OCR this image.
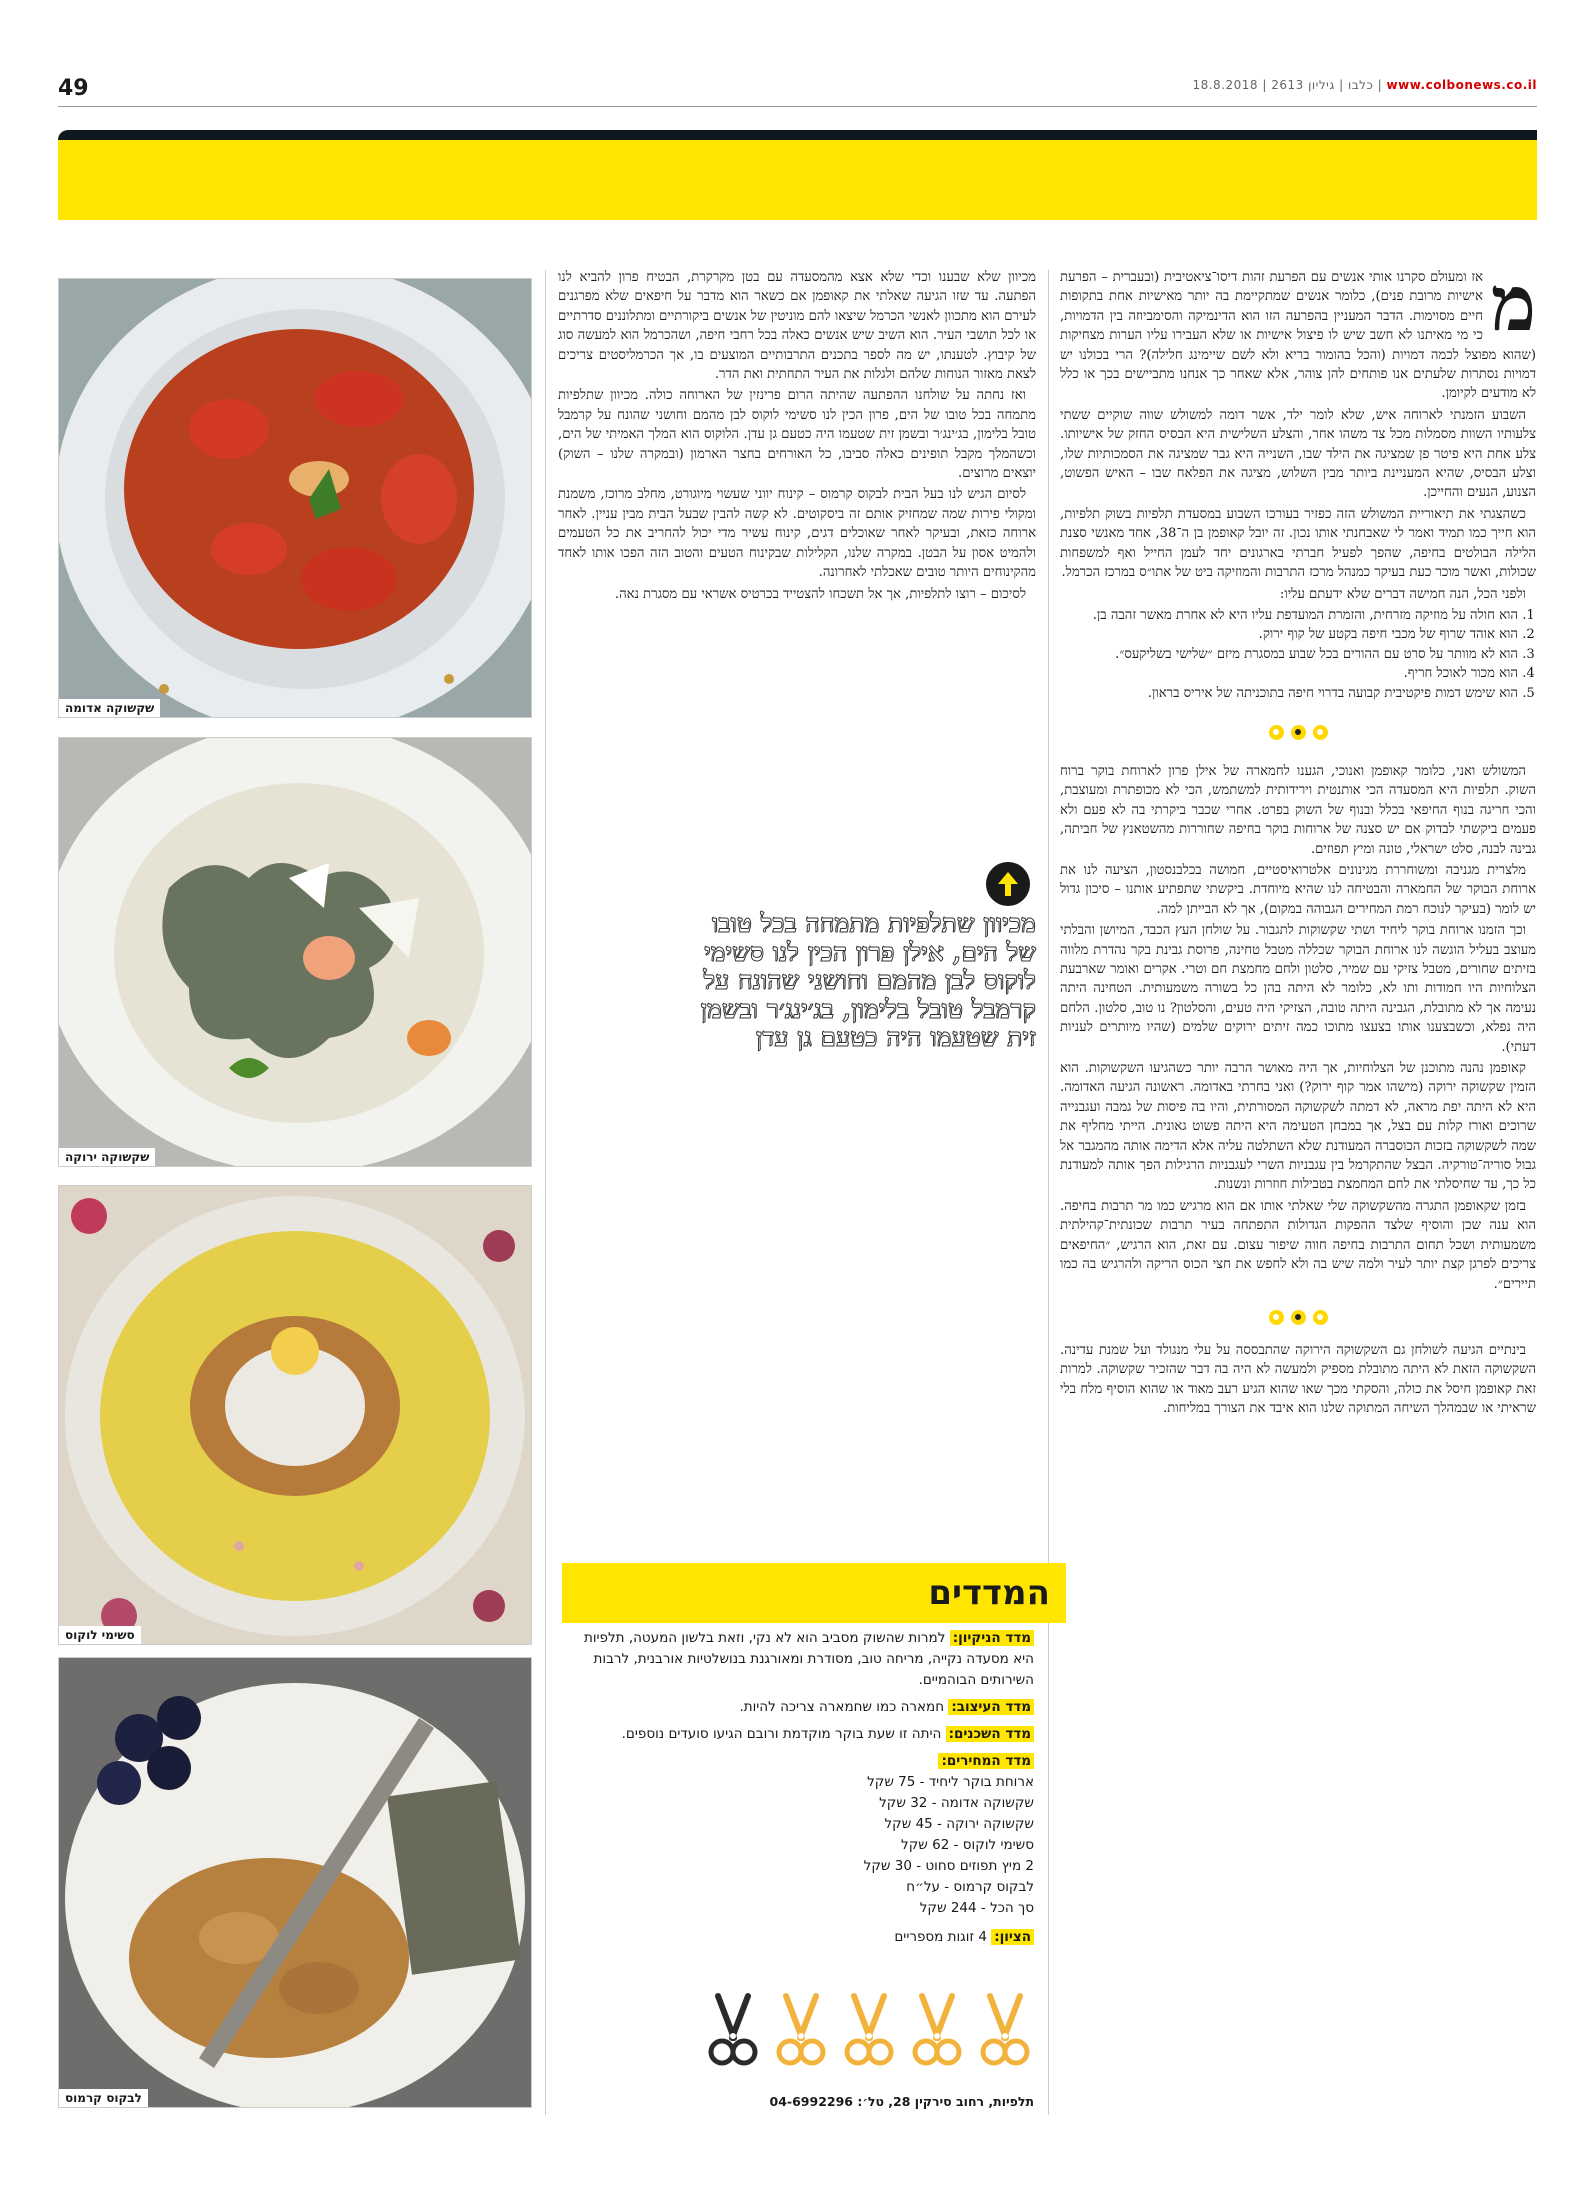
49	www.colbonews.co.il | כלבו | גיליון 2613 | 18.8.2018
שקשוקה אדומה
שקשוקה ירוקה
סשימי לוקוס
לבקוס קרמוס
מ

אז ומעולם סקרנו אותי אנשים עם הפרעת זהות דיסו־ציאטיבית (ובעברית – הפרעת אישיות מרובת פנים), כלומר אנשים שמתקיימת בה יותר מאישיות אחת בתקופות חיים מסוימות. הדבר המעניין בהפרעה הזו הוא הדינמיקה והסימביוזה בין הדמויות, כי מי מאיתנו לא חשב שיש לו פיצול אישיות או שלא העבירו עליו הערות מצחיקות (שהוא מפוצל לכמה דמויות (והכל בהומור בריא ולא לשם שיימינג חלילה)? הרי בכולנו יש דמויות נסתרות שלעתים אנו פותחים להן צוהר, אלא שאחר כך אנחנו מתביישים בכך או כלל לא מודעים לקיומן.

השבוע הזמנתי לארוחה איש, שלא לומר ילד, אשר דומה למשולש שווה שוקיים ששתי צלעותיו השוות מסמלות מכל צד משהו אחר, והצלע השלישית היא הבסיס החזק של אישיותו. צלע אחת היא פיטר פן שמציגה את הילד שבו, השנייה היא גבר שמציגה את הסמכותיות שלו, וצלע הבסיס, שהיא המעניינת ביותר מבין השלוש, מציגה את הפלאח שבו – האיש הפשוט, הצנוע, הנעים והחייכן.

כשהצגתי את תיאוריית המשולש הזה כפזיר בעורכו השבוע במסעדת תלפיות בשוק תלפיות, הוא חייך כמו תמיד ואמר לי שאבחנתי אותו נכון. זה יובל קאופמן בן ה־38, אחד מאנשי סצנת הלילה הבולטים בחיפה, שהפך לפעיל חברתי בארגונים יחד לעמן החייל ואף למשפחות שכולות, ואשר מוכר כעת בעיקר כמנהל מרכז התרבות והמוזיקה ביט של אתו״ס במרכז הכרמל.

ולפני הכל, הנה חמישה דברים שלא ידעתם עליו:

1. הוא חולה על מוזיקה מזרחית, והזמרת המועדפת עליו היא לא אחרת מאשר זהבה בן.
2. הוא אוהד שרוף של מכבי חיפה בקטע של קוף ירוק.
3. הוא לא מוותר על סרט עם ההורים בכל שבוע במסגרת מיזם ״שלישי בשליקעס״.
4. הוא מכור לאוכל חריף.
5. הוא שימש דמות פיקטיבית קבועה בדרוי חיפה בתוכניתה של איריס בראון.

המשולש ואני, כלומר קאופמן ואנוכי, הגענו לחמארה של אילן פרון לארוחת בוקר ברוח השוק. תלפיות היא המסעדה הכי אותנטית וירידותית למשתמש, הכי לא מכופתרת ומעוצבת, והכי חריגה בנוף החיפאי בכלל ובנוף של השוק בפרט. אחרי שכבר ביקרתי בה לא פעם ולא פעמים ביקשתי לבדוק אם יש סצנה של ארוחות בוקר בחיפה שחוררות מהשטאנץ של חביתה, גבינה לבנה, סלט ישראלי, טונה ומיץ תפוזים.

מלצרית מגניבה ומשוחררת מגינונים אלטרואיסטיים, חמושה בכלבנסטון, הציעה לנו את ארוחת הבוקר של החמארה והבטיחה לנו שהיא מיוחדת. ביקשתי שתפתיע אותנו – סיכון גדול יש לומר (בעיקר לנוכח רמת המחירים הגבוהה במקום), אך לא הבייתן למה.

וכך הזמנו ארוחת בוקר ליחיד ושתי שקשוקות לתגבור. על שולחן העץ הכבד, המיושן והבלתי מעוצב בעליל הוגשה לנו ארוחת הבוקר שכללה מטבל טחינה, פרוסת גבינת בקר נהדרת מלווה בזיתים שחורים, מטבל צזיקי עם שמיר, סלטון ולחם מחמצת חם וטרי. אקרים ואומר שארבעת הצלוחיות היו חמודות ותו לא, כלומר לא היתה בהן כל בשורה משמעותית. הטחינה היתה נעימה אך לא מתובלת, הגבינה היתה טובה, הצזיקי היה טעים, והסלטון? נו טוב, סלטון. הלחם היה נפלא, וכשבצענו אותו בצעצו מתוכו כמה זיתים ירוקים שלמים (שהיו מיותרים לעניות דעתי).

קאופמן נהנה מתוכנן של הצלוחיות, אך היה מאושר הרבה יותר כשהגיעו השקשוקות. הוא הזמין שקשוקה ירוקה (מישהו אמר קוף ירוק?) ואני בחרתי באדומה. ראשונה הגיעה האדומה. היא לא היתה יפת מראה, לא דמתה לשקשוקה המסורתית, והיו בה פיסות של גמבה ועגבנייה שרוכים ואורז קלות עם בצל, אך במבחן הטעימה היא היתה פשוט גאונית. הייתי מחליף את שמה לשקשוקה בזכות הכוסברה המעודנת שלא השתלטה עליה אלא הדימה אותה מהמגבר אל גבול סוריה־טורקיה. הבצל שהתקרמל בין עגבניות השרי לעגבניות הרגילות הפך אותה למעודנת כל כך, עד שחיסלתי את לחם המחמצת בטבילות חוזרות ונשנות.

בזמן שקאופמן התגרה מהשקשוקה שלי שאלתי אותו אם הוא מרגיש כמו מר תרבות בחיפה. הוא ענה שכן והוסיף שלצד ההפקות הגדולות התפתחה בעיר תרבות שכונתית־קהילתית משמעותית ושכל תחום התרבות בחיפה חווה שיפור עצום. עם זאת, הוא הרגיש, ״החיפאים צריכים לפרגן קצת יותר לעיר ולמה שיש בה ולא לחפש את חצי הכוס הריקה ולהרגיש בה כמו תיירים״.

בינתיים הגיעה לשולחן גם השקשוקה הירוקה שהתבססה על עלי מנגולד ועל שמנת עדינה. השקשוקה הזאת לא היתה מתובלת מספיק ולמעשה לא היה בה דבר שהזכיר שקשוקה. למרות זאת קאופמן חיסל את כולה, והסקתי מכך שאו שהוא הגיע רעב מאוד או שהוא הוסיף מלח בלי שראיתי או שבמהלך השיחה המתוקה שלנו הוא איבד את הצורך במליחות.

מכיוון שלא שבענו וכדי שלא אצא מהמסעדה עם בטן מקרקרת, הבטיח פרון להביא לנו הפתעה. עד שזו הגיעה שאלתי את קאופמן אם כשאר הוא מדבר על חיפאים שלא מפרגנים לעירם הוא מתכוון לאנשי הכרמל שיצאו להם מוניטין של אנשים ביקורתיים ומתלוננים סדרתיים או לכל תושבי העיר. הוא השיב שיש אנשים כאלה בכל רחבי חיפה, ושהכרמל הוא למעשה סוג של קיבוץ. לטענתו, יש מה לספר בתכנים התרבותיים המוצעים בו, אך הכרמליסטים צריכים לצאת מאזור הנוחות שלהם ולגלות את העיר התחתית ואת הדר.

ואז נחתה על שולחנו ההפתעה שהיתה הרום פרינזין של הארוחה כולה. מכיוון שתלפיות מתמחה בכל טובו של הים, פרון הכין לנו סשימי לוקוס לבן מהמם וחושני שהונח על קרמבל טובל בלימון, בג׳ינג׳ר ובשמן זית שטעמו היה כטעם גן עדן. הלוקוס הוא המלך האמיתי של הים, וכשהמלך מקבל תופינים כאלה סביבו, כל האורחים בחצר הארמון (ובמקרה שלנו – השוק) יוצאים מרוצים.

לסיום הגיש לנו בעל הבית לבקוס קרמוס – קינוח יווני שעשוי מיוגורט, מחלב מרוכז, משמנת ומקולי פירות שמה שמחזיק אותם זה ביסקוטים. לא קשה להבין שבעל הבית מבין עניין. לאחר ארוחה כזאת, ובעיקר לאחר שאוכלים דגים, קינוח עשיר מדי יכול להחריב את כל הטעמים ולהמיט אסון על הבטן. במקרה שלנו, הקלילות שבקינוח הטעים והטוב הזה הפכו אותו לאחד מהקינוחים היותר טובים שאכלתי לאחרונה.

לסיכום – רוצו לתלפיות, אך אל תשכחו להצטייד בכרטיס אשראי עם מסגרת נאה.

מכיוון שתלפיות מתמחה בכל טובו של הים, אילן פרון הכין לנו סשימי לוקוס לבן מהמם וחושני שהונח על קרמבל טובל בלימון, בג׳ינג׳ר ובשמן זית שטעמו היה כטעם גן עדן
המדדים
מדד הניקיון: למרות שהשוק מסביב הוא לא נקי, וזאת בלשון המעטה, תלפיות היא מסעדה נקייה, מריחה טוב, מסודרת ומאורגנת בנושלטיות אורבנית, לרבות השירותים הבוהמיים.
מדד העיצוב: חמארה כמו שחמארה צריכה להיות.
מדד השכנים: היתה זו שעת בוקר מוקדמת ורובם הגיעו סועדים נוספים.
מדד המחירים:
ארוחת בוקר ליחיד - 75 שקל
שקשוקה אדומה - 32 שקל
שקשוקה ירוקה - 45 שקל
סשימי לוקוס - 62 שקל
2 מיץ תפוזים סחוט - 30 שקל
לבקוס קרמוס - על״ח
סך הכל - 244 שקל
הציון: 4 זוגות מספריים
תלפיות, רחוב סירקין 28, טל׳: 04-6992296
